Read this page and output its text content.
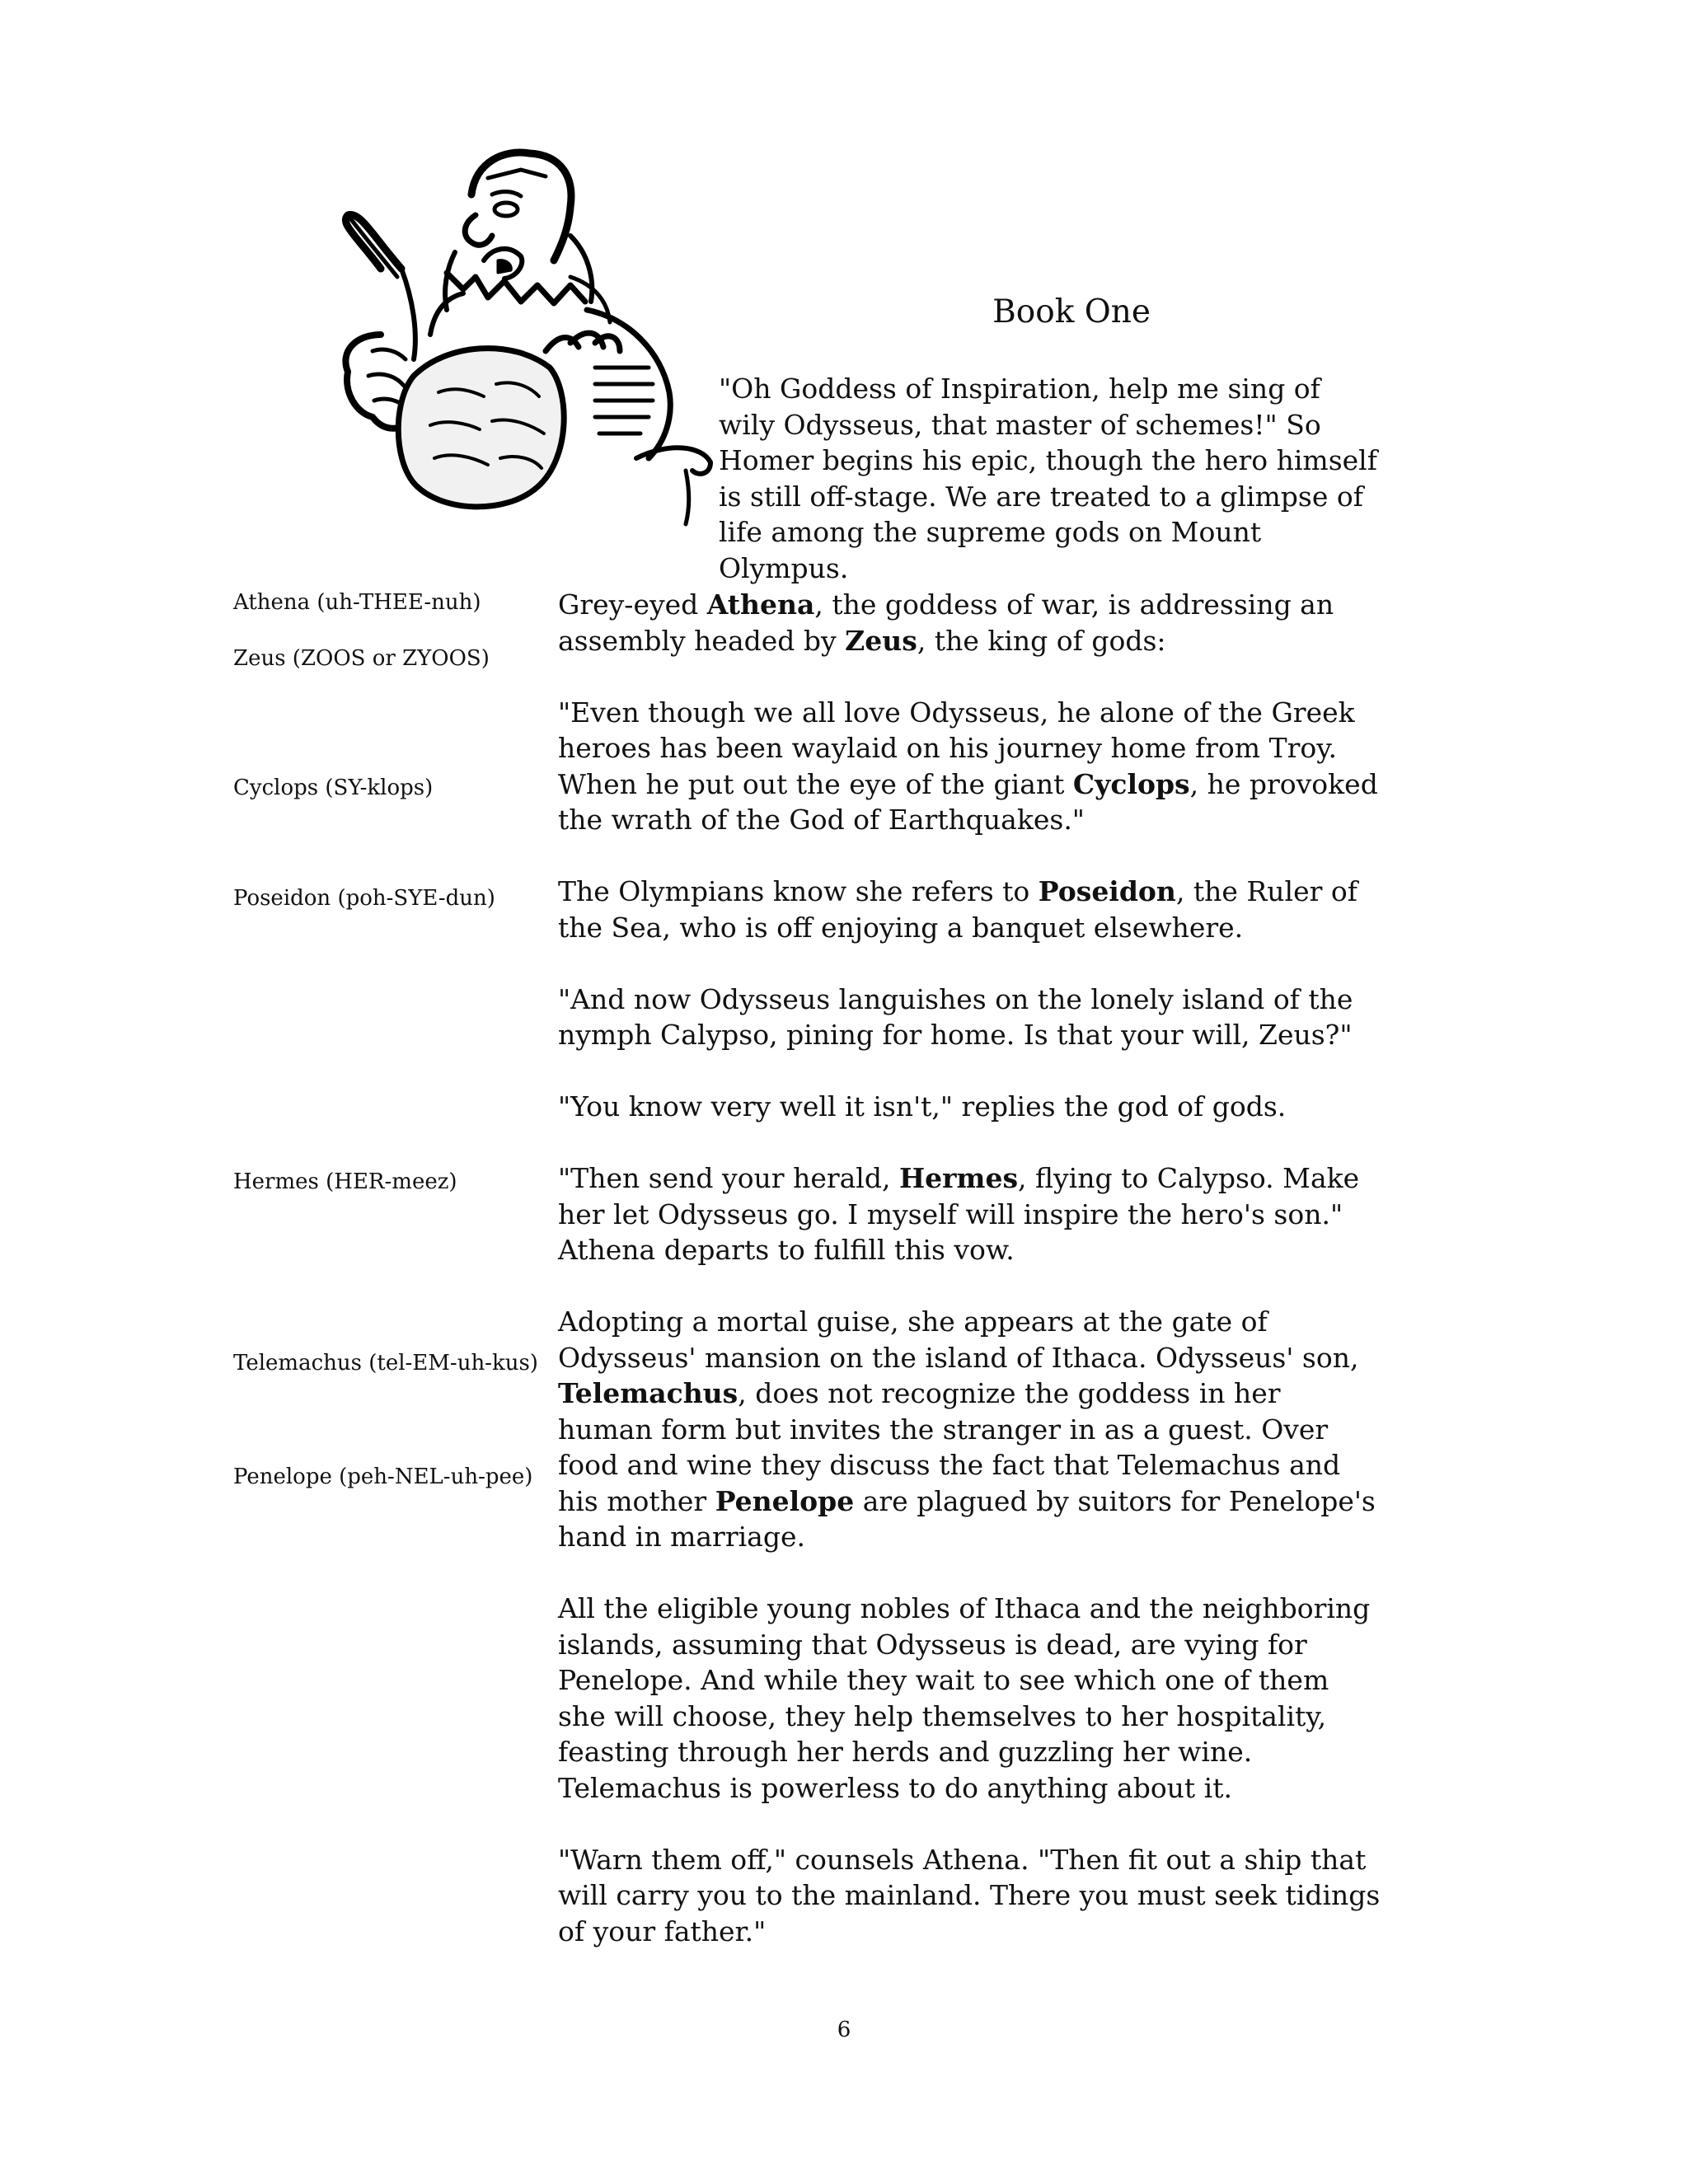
Book One

"Oh Goddess of Inspiration, help me sing of wily Odysseus, that master of schemes!" So Homer begins his epic, though the hero himself is still off-stage. We are treated to a glimpse of life among the supreme gods on Mount Olympus.

Athena (uh-THEE-nuh)

Zeus (ZOOS or ZYOOS)

Cyclops (SY-klops)

Poseidon (poh-SYE-dun)

Hermes (HER-meez)

Telemachus (tel-EM-uh-kus)

Penelope (peh-NEL-uh-pee)

Grey-eyed Athena, the goddess of war, is addressing an assembly headed by Zeus, the king of gods:

"Even though we all love Odysseus, he alone of the Greek heroes has been waylaid on his journey home from Troy. When he put out the eye of the giant Cyclops, he provoked the wrath of the God of Earthquakes."

The Olympians know she refers to Poseidon, the Ruler of the Sea, who is off enjoying a banquet elsewhere.

"And now Odysseus languishes on the lonely island of the nymph Calypso, pining for home. Is that your will, Zeus?"

"You know very well it isn't," replies the god of gods.

"Then send your herald, Hermes, flying to Calypso. Make her let Odysseus go. I myself will inspire the hero's son." Athena departs to fulfill this vow.

Adopting a mortal guise, she appears at the gate of Odysseus' mansion on the island of Ithaca. Odysseus' son, Telemachus, does not recognize the goddess in her human form but invites the stranger in as a guest. Over food and wine they discuss the fact that Telemachus and his mother Penelope are plagued by suitors for Penelope's hand in marriage.

All the eligible young nobles of Ithaca and the neighboring islands, assuming that Odysseus is dead, are vying for Penelope. And while they wait to see which one of them she will choose, they help themselves to her hospitality, feasting through her herds and guzzling her wine. Telemachus is powerless to do anything about it.

"Warn them off," counsels Athena. "Then fit out a ship that will carry you to the mainland. There you must seek tidings of your father."

6
